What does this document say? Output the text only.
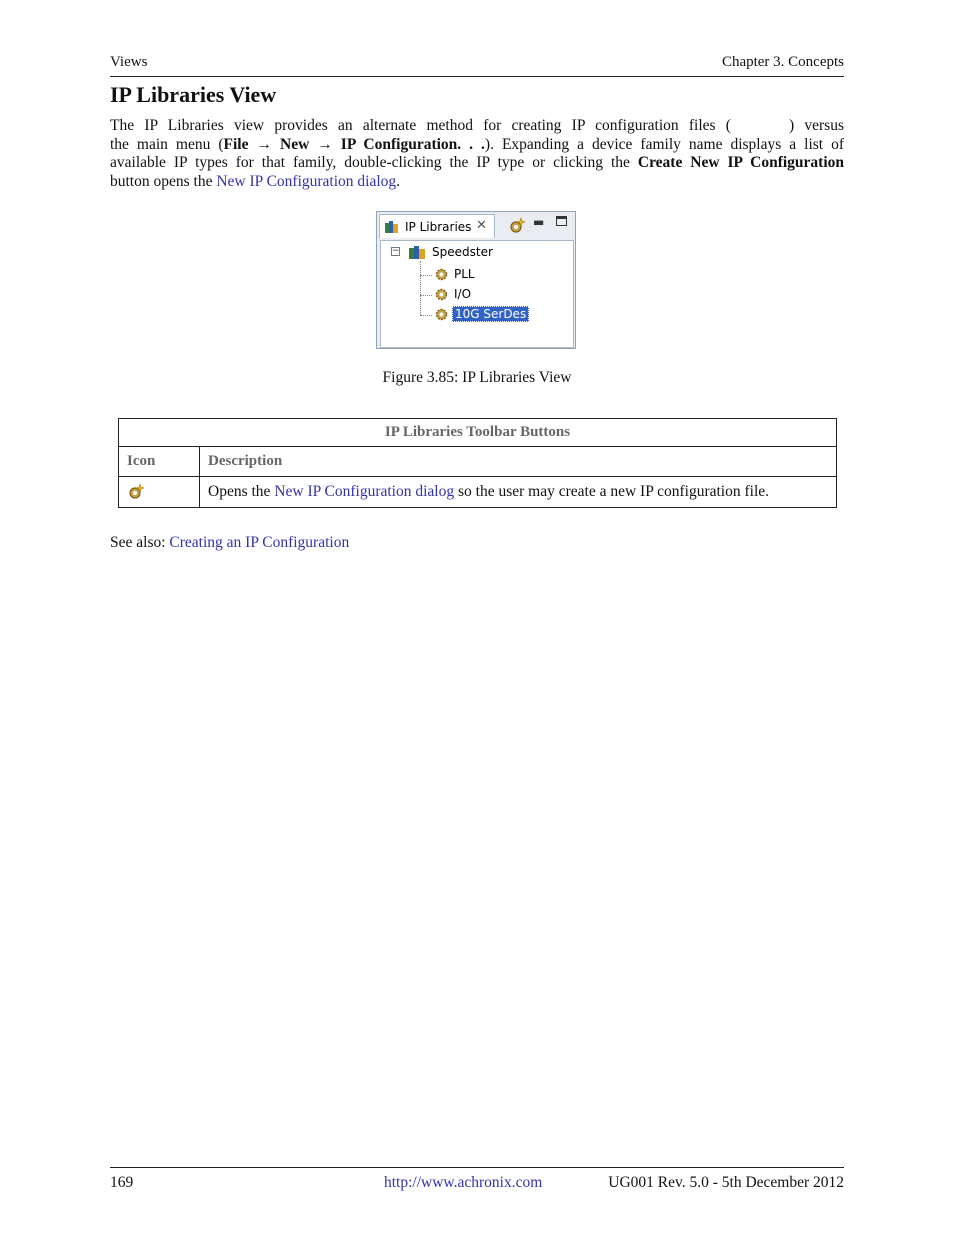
Views	Chapter 3. Concepts
IP Libraries View
The IP Libraries view provides an alternate method for creating IP configuration files (	) versus
the main menu (File → New → IP Configuration. . .). Expanding a device family name displays a list of
available IP types for that family, double-clicking the IP type or clicking the Create New IP Configuration
button opens the New IP Configuration dialog.
IP Libraries ✕	▬
−	Speedster
PLL
I/O
10G SerDes
Figure 3.85: IP Libraries View
IP Libraries Toolbar Buttons	
Icon	Description
	Opens the New IP Configuration dialog so the user may create a new IP configuration file.
See also: Creating an IP Configuration
169	http://www.achronix.com	UG001 Rev. 5.0 - 5th December 2012
